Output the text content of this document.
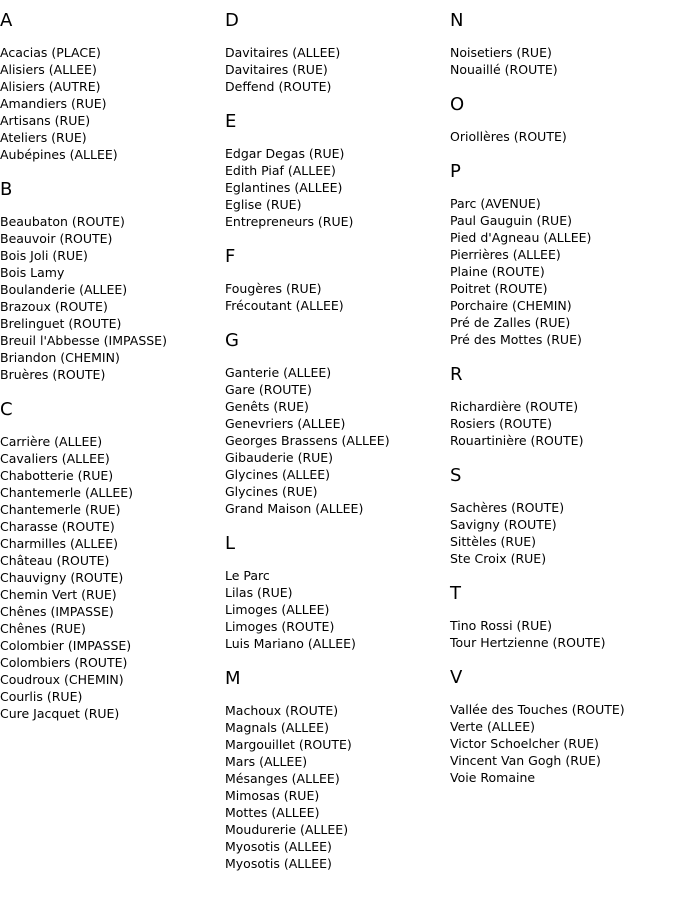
A
Acacias (PLACE)
Alisiers (ALLEE)
Alisiers (AUTRE)
Amandiers (RUE)
Artisans (RUE)
Ateliers (RUE)
Aubépines (ALLEE)
B
Beaubaton (ROUTE)
Beauvoir (ROUTE)
Bois Joli (RUE)
Bois Lamy
Boulanderie (ALLEE)
Brazoux (ROUTE)
Brelinguet (ROUTE)
Breuil l'Abbesse (IMPASSE)
Briandon (CHEMIN)
Bruères (ROUTE)
C
Carrière (ALLEE)
Cavaliers (ALLEE)
Chabotterie (RUE)
Chantemerle (ALLEE)
Chantemerle (RUE)
Charasse (ROUTE)
Charmilles (ALLEE)
Château (ROUTE)
Chauvigny (ROUTE)
Chemin Vert (RUE)
Chênes (IMPASSE)
Chênes (RUE)
Colombier (IMPASSE)
Colombiers (ROUTE)
Coudroux (CHEMIN)
Courlis (RUE)
Cure Jacquet (RUE)
D
Davitaires (ALLEE)
Davitaires (RUE)
Deffend (ROUTE)
E
Edgar Degas (RUE)
Edith Piaf (ALLEE)
Eglantines (ALLEE)
Eglise (RUE)
Entrepreneurs (RUE)
F
Fougères (RUE)
Frécoutant (ALLEE)
G
Ganterie (ALLEE)
Gare (ROUTE)
Genêts (RUE)
Genevriers (ALLEE)
Georges Brassens (ALLEE)
Gibauderie (RUE)
Glycines (ALLEE)
Glycines (RUE)
Grand Maison (ALLEE)
L
Le Parc
Lilas (RUE)
Limoges (ALLEE)
Limoges (ROUTE)
Luis Mariano (ALLEE)
M
Machoux (ROUTE)
Magnals (ALLEE)
Margouillet (ROUTE)
Mars (ALLEE)
Mésanges (ALLEE)
Mimosas (RUE)
Mottes (ALLEE)
Moudurerie (ALLEE)
Myosotis (ALLEE)
Myosotis (ALLEE)
N
Noisetiers (RUE)
Nouaillé (ROUTE)
O
Oriollères (ROUTE)
P
Parc (AVENUE)
Paul Gauguin (RUE)
Pied d'Agneau (ALLEE)
Pierrières (ALLEE)
Plaine (ROUTE)
Poitret (ROUTE)
Porchaire (CHEMIN)
Pré de Zalles (RUE)
Pré des Mottes (RUE)
R
Richardière (ROUTE)
Rosiers (ROUTE)
Rouartinière (ROUTE)
S
Sachères (ROUTE)
Savigny (ROUTE)
Sittèles (RUE)
Ste Croix (RUE)
T
Tino Rossi (RUE)
Tour Hertzienne (ROUTE)
V
Vallée des Touches (ROUTE)
Verte (ALLEE)
Victor Schoelcher (RUE)
Vincent Van Gogh (RUE)
Voie Romaine
